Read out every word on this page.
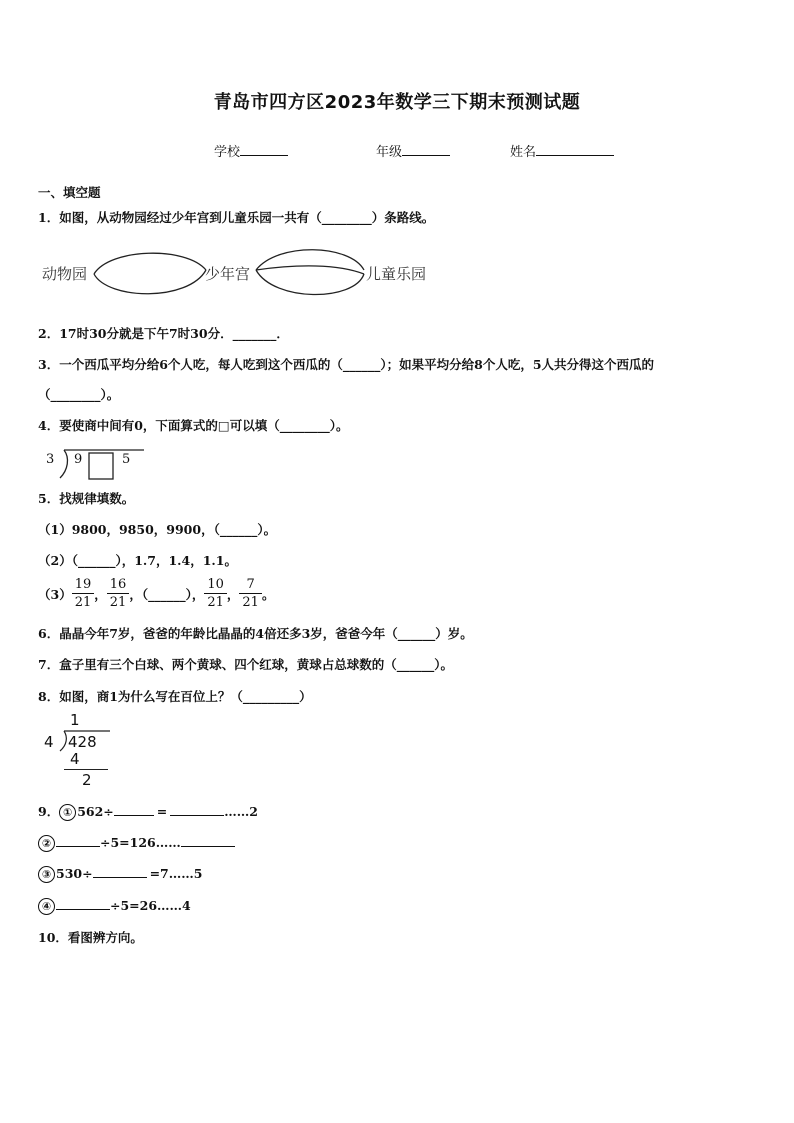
青岛市四方区2023年数学三下期末预测试题
学校	年级	姓名
一、填空题
1．如图，从动物园经过少年宫到儿童乐园一共有（________）条路线。
动物园	少年宫	儿童乐园
2．17时30分就是下午7时30分．_______．
3．一个西瓜平均分给6个人吃，每人吃到这个西瓜的（______）；如果平均分给8个人吃，5人共分得这个西瓜的
（________）。
4．要使商中间有0，下面算式的□可以填（________）。
3 9	5
5．找规律填数。
（1）9800，9850，9900，（______）。
（2）（______），1.7，1.4，1.1。
$(3) \frac{19}{21}$ ， $\frac{16}{21}$ ，（______）， $\frac{10}{21}$ ， $\frac{7}{21}$ 。
6．晶晶今年7岁，爸爸的年龄比晶晶的4倍还多3岁，爸爸今年（______）岁。
7．盒子里有三个白球、两个黄球、四个红球，黄球占总球数的（______）。
8．如图，商1为什么写在百位上？（_________）
1
4 428
4
2
9． ① 562÷	=	……2
②	÷5=126……
③ 530÷	=7……5
④	÷5=26……4
10．看图辨方向。
